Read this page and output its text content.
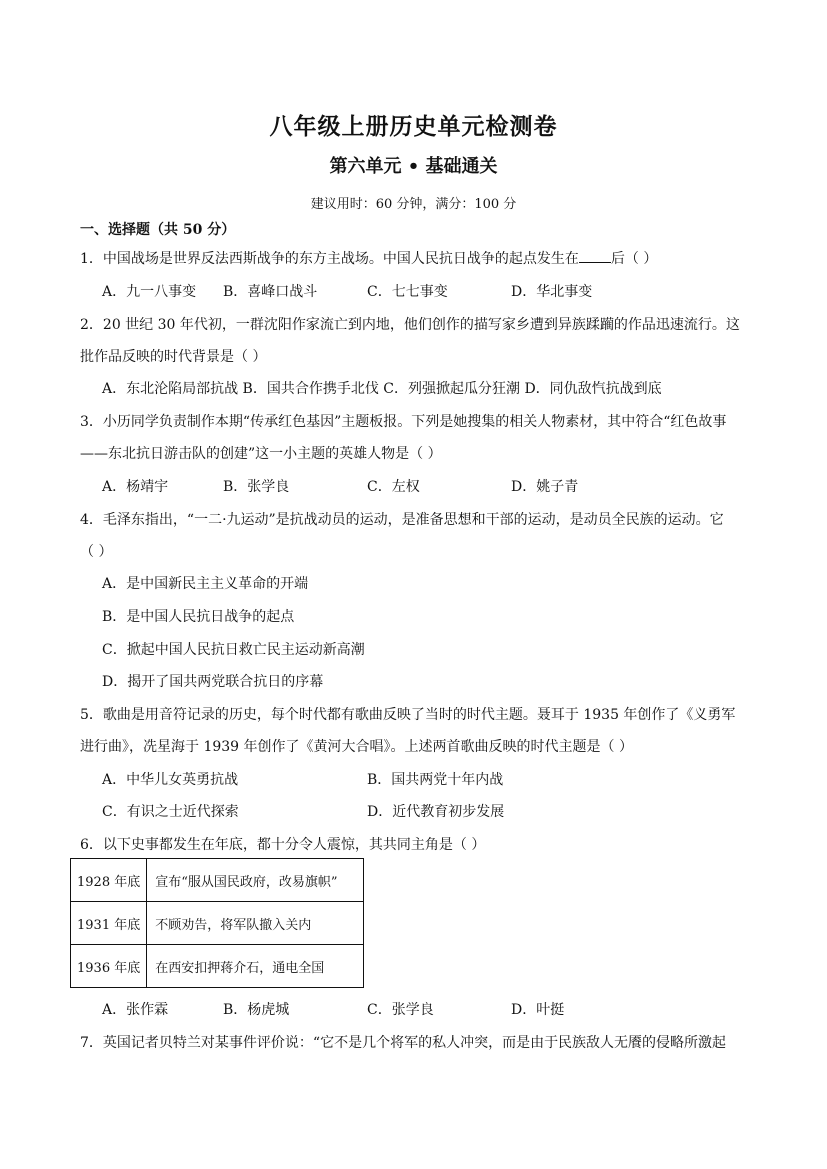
八年级上册历史单元检测卷
第六单元 • 基础通关
建议用时：60 分钟，满分：100 分
一、选择题（共 50 分）
1．中国战场是世界反法西斯战争的东方主战场。中国人民抗日战争的起点发生在 后（ ）
A．九一八事变 B．喜峰口战斗	C．七七事变	D．华北事变
2．20 世纪 30 年代初，一群沈阳作家流亡到内地，他们创作的描写家乡遭到异族蹂躏的作品迅速流行。这
批作品反映的时代背景是（ ）
A．东北沦陷局部抗战 B．国共合作携手北伐 C．列强掀起瓜分狂潮 D．同仇敌忾抗战到底
3．小历同学负责制作本期“传承红色基因”主题板报。下列是她搜集的相关人物素材，其中符合“红色故事
——东北抗日游击队的创建”这一小主题的英雄人物是（ ）
A．杨靖宇	B．张学良	C．左权	D．姚子青
4．毛泽东指出，“一二·九运动”是抗战动员的运动，是准备思想和干部的运动，是动员全民族的运动。它
（ ）
A．是中国新民主主义革命的开端
B．是中国人民抗日战争的起点
C．掀起中国人民抗日救亡民主运动新高潮
D．揭开了国共两党联合抗日的序幕
5．歌曲是用音符记录的历史，每个时代都有歌曲反映了当时的时代主题。聂耳于 1935 年创作了《义勇军
进行曲》，冼星海于 1939 年创作了《黄河大合唱》。上述两首歌曲反映的时代主题是（ ）
A．中华儿女英勇抗战	B．国共两党十年内战
C．有识之士近代探索	D．近代教育初步发展
6．以下史事都发生在年底，都十分令人震惊，其共同主角是（ ）
1928 年底	宣布“服从国民政府，改易旗帜”
1931 年底	不顾劝告，将军队撤入关内
1936 年底	在西安扣押蒋介石，通电全国
A．张作霖	B．杨虎城	C．张学良	D．叶挺
7．英国记者贝特兰对某事件评价说：“它不是几个将军的私人冲突，而是由于民族敌人无餍的侵略所激起
